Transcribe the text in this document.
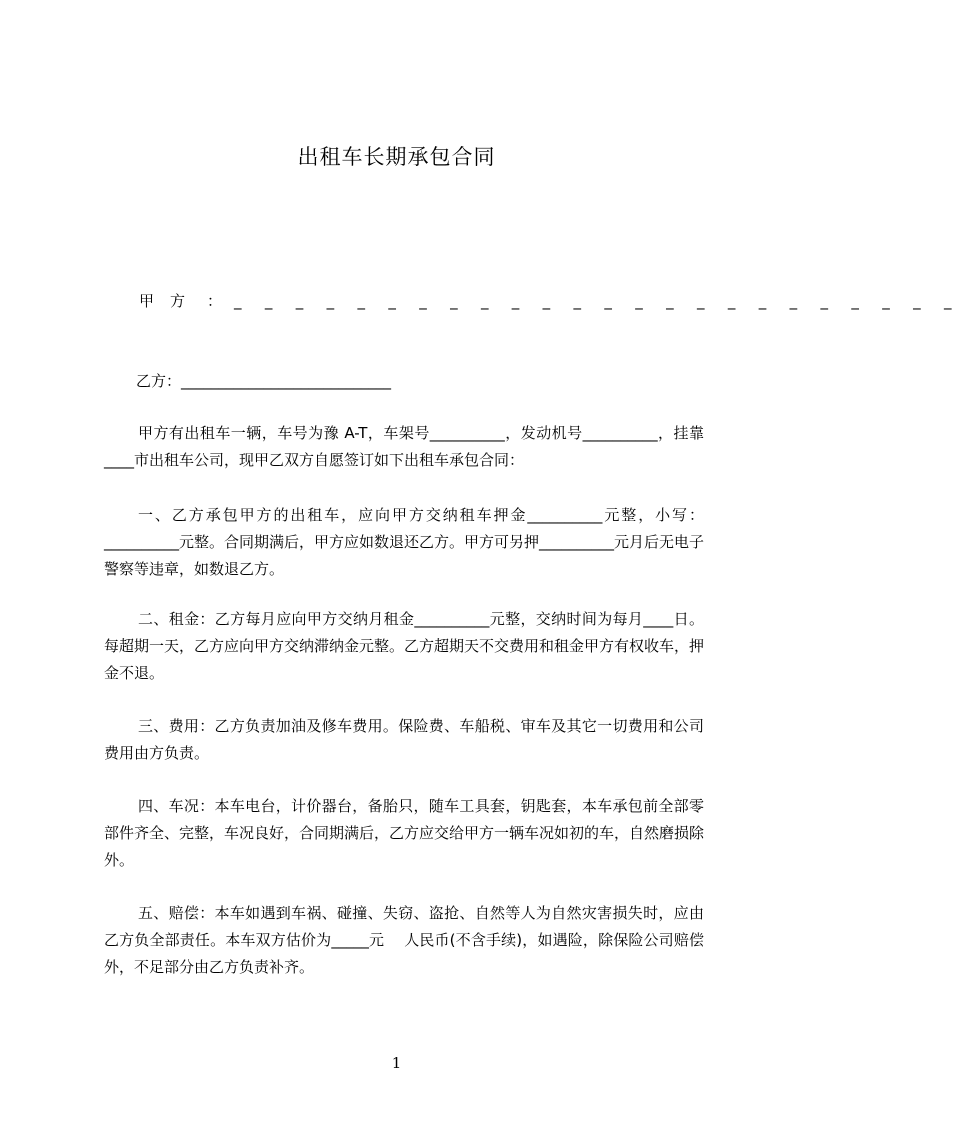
出租车长期承包合同
甲方 ： _ _ _ _ _ _ _ _ _ _ _ _ _ _ _ _ _ _ _ _ _ _ _ _
乙方：____________________________
甲方有出租车一辆，车号为豫 A-T，车架号__________，发动机号__________，挂靠____市出租车公司，现甲乙双方自愿签订如下出租车承包合同：
一、乙方承包甲方的出租车，应向甲方交纳租车押金__________元整，小写：__________元整。合同期满后，甲方应如数退还乙方。甲方可另押__________元月后无电子警察等违章，如数退乙方。
二、租金：乙方每月应向甲方交纳月租金__________元整，交纳时间为每月____日。每超期一天，乙方应向甲方交纳滞纳金元整。乙方超期天不交费用和租金甲方有权收车，押金不退。
三、费用：乙方负责加油及修车费用。保险费、车船税、审车及其它一切费用和公司费用由方负责。
四、车况：本车电台，计价器台，备胎只，随车工具套，钥匙套，本车承包前全部零部件齐全、完整，车况良好，合同期满后，乙方应交给甲方一辆车况如初的车，自然磨损除外。
五、赔偿：本车如遇到车祸、碰撞、失窃、盗抢、自然等人为自然灾害损失时，应由乙方负全部责任。本车双方估价为_____元　 人民币(不含手续)，如遇险，除保险公司赔偿外，不足部分由乙方负责补齐。
1
